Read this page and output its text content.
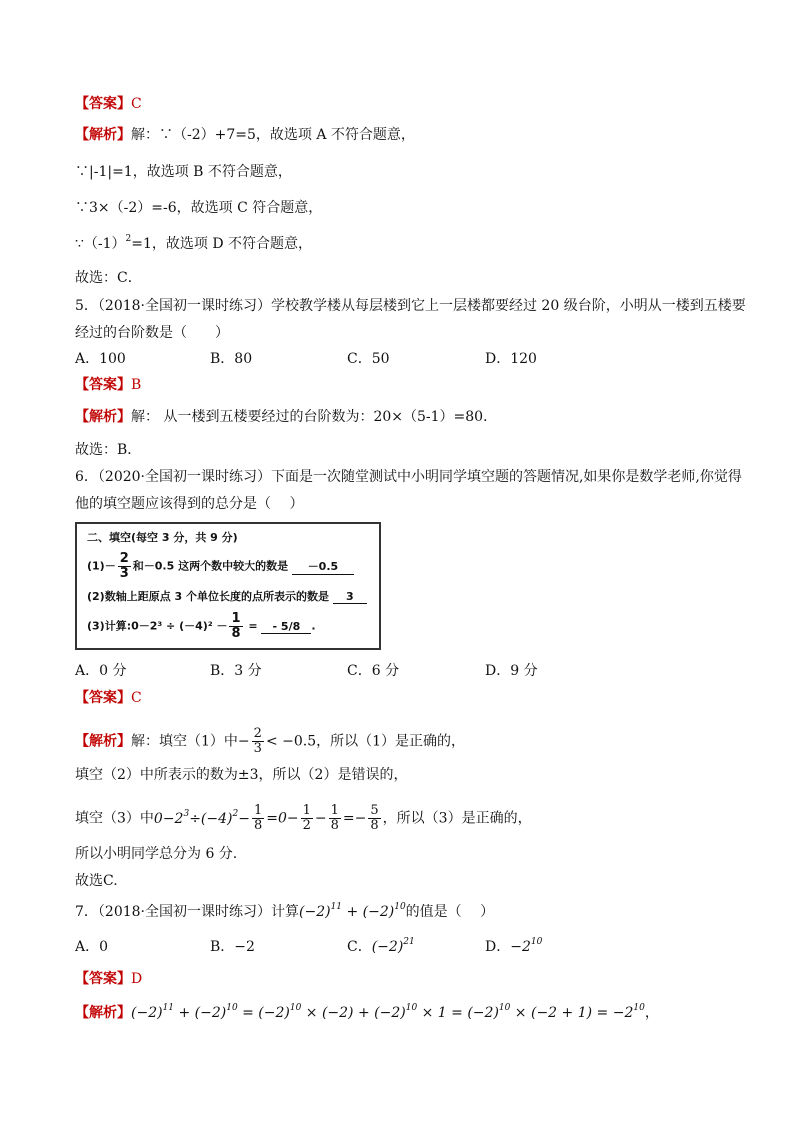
【答案】C
【解析】解：∵（-2）+7=5，故选项 A 不符合题意，
∵|-1|=1，故选项 B 不符合题意，
∵3×（-2）=-6，故选项 C 符合题意，
$\because(-1)^2=1$，故选项 D 不符合题意，
故选：C．
5．（2018·全国初一课时练习）学校教学楼从每层楼到它上一层楼都要经过 20 级台阶，小明从一楼到五楼要
经过的台阶数是（　　）
A．100	B．80	C．50	D．120
【答案】B
【解析】解： 从一楼到五楼要经过的台阶数为：20×（5-1）=80．
故选：B．
6．（2020·全国初一课时练习）下面是一次随堂测试中小明同学填空题的答题情况,如果你是数学老师,你觉得
他的填空题应该得到的总分是（　 ）
二、填空(每空 3 分，共 9 分)
$(1)- \frac{2}{3}$ 和－0.5 这两个数中较大的数是 －0.5
(2)数轴上距原点 3 个单位长度的点所表示的数是 3
(3)计算:0－2³ ÷ $(-4)^2 - \frac{1}{8}$ = - 5/8 .
A．0 分	B．3 分	C．6 分	D．9 分
【答案】C
【解析】解：填空（1）中− $\frac{2}{3} < -0.5$，所以（1）是正确的，
填空（2）中所表示的数为±3，所以（2）是错误的，
填空（3）中$0-2^3\div(-4)^2- \frac{1}{8} =0- \frac{1}{2} - \frac{1}{8} =- \frac{5}{8}$ ，所以（3）是正确的，
所以小明同学总分为 6 分.
故选C.
7．（2018·全国初一课时练习）计算$(-2)^{11} + (-2)^{10}$的值是（　 ）
A．0	B．−2	C．$(-2)^{21}$	D．$-2^{10}$
【答案】D
【解析】$(-2)^{11} + (-2)^{10} = (-2)^{10} \times (-2) + (-2)^{10} \times 1 = (-2)^{10} \times (-2 + 1) = -2^{10}$，
